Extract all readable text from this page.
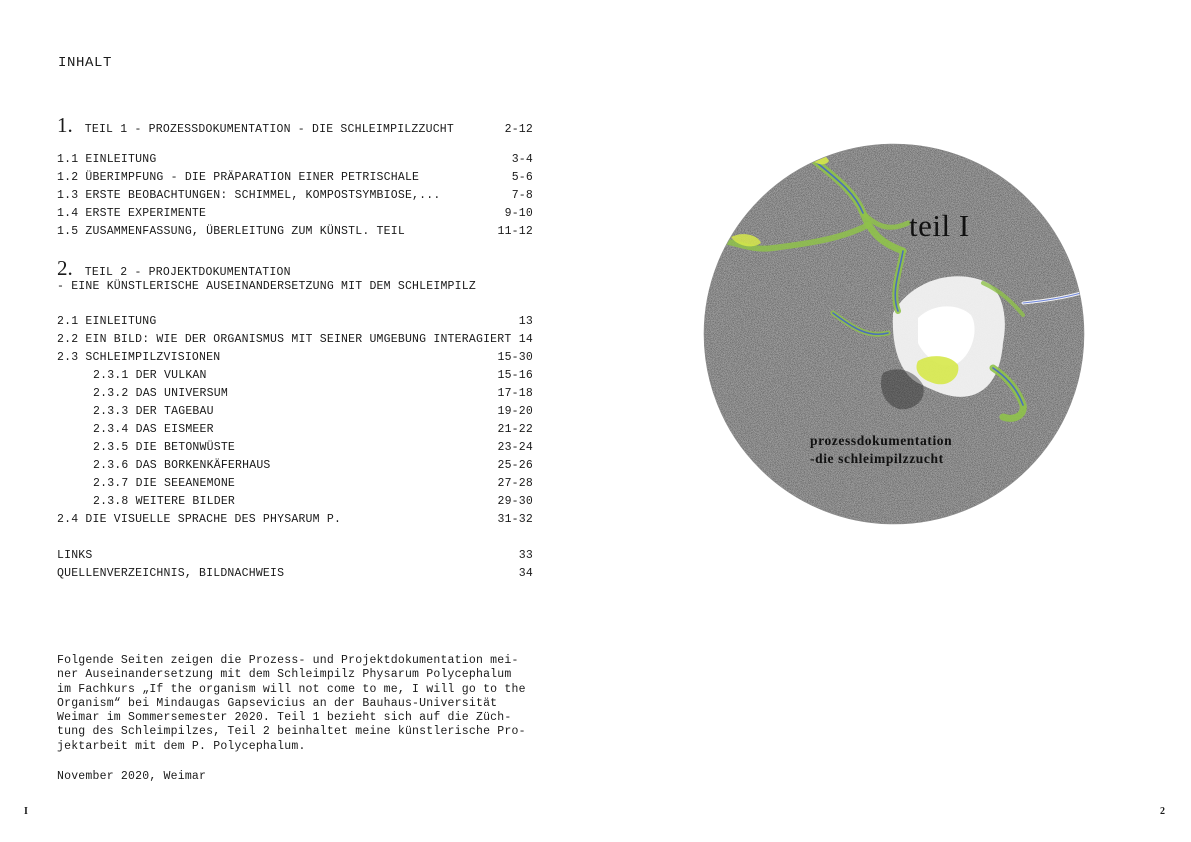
INHALT
1. TEIL 1 - PROZESSDOKUMENTATION - DIE SCHLEIMPILZZUCHT	2-12
1.1 EINLEITUNG	3-4
1.2 ÜBERIMPFUNG - DIE PRÄPARATION EINER PETRISCHALE	5-6
1.3 ERSTE BEOBACHTUNGEN: SCHIMMEL, KOMPOSTSYMBIOSE,...	7-8
1.4 ERSTE EXPERIMENTE	9-10
1.5 ZUSAMMENFASSUNG, ÜBERLEITUNG ZUM KÜNSTL. TEIL	11-12
2. TEIL 2 - PROJEKTDOKUMENTATION
- EINE KÜNSTLERISCHE AUSEINANDERSETZUNG MIT DEM SCHLEIMPILZ
2.1 EINLEITUNG	13
2.2 EIN BILD: WIE DER ORGANISMUS MIT SEINER UMGEBUNG INTERAGIERT 14
2.3 SCHLEIMPILZVISIONEN	15-30
2.3.1 DER VULKAN	15-16
2.3.2 DAS UNIVERSUM	17-18
2.3.3 DER TAGEBAU	19-20
2.3.4 DAS EISMEER	21-22
2.3.5 DIE BETONWÜSTE	23-24
2.3.6 DAS BORKENKÄFERHAUS	25-26
2.3.7 DIE SEEANEMONE	27-28
2.3.8 WEITERE BILDER	29-30
2.4 DIE VISUELLE SPRACHE DES PHYSARUM P.	31-32
LINKS	33
QUELLENVERZEICHNIS, BILDNACHWEIS	34
Folgende Seiten zeigen die Prozess- und Projektdokumentation mei-
ner Auseinandersetzung mit dem Schleimpilz Physarum Polycephalum
im Fachkurs „If the organism will not come to me, I will go to the
Organism“ bei Mindaugas Gapsevicius an der Bauhaus-Universität
Weimar im Sommersemester 2020. Teil 1 bezieht sich auf die Züch-
tung des Schleimpilzes, Teil 2 beinhaltet meine künstlerische Pro-
jektarbeit mit dem P. Polycephalum.
November 2020, Weimar
I	2
teil I
prozessdokumentation
-die schleimpilzzucht
